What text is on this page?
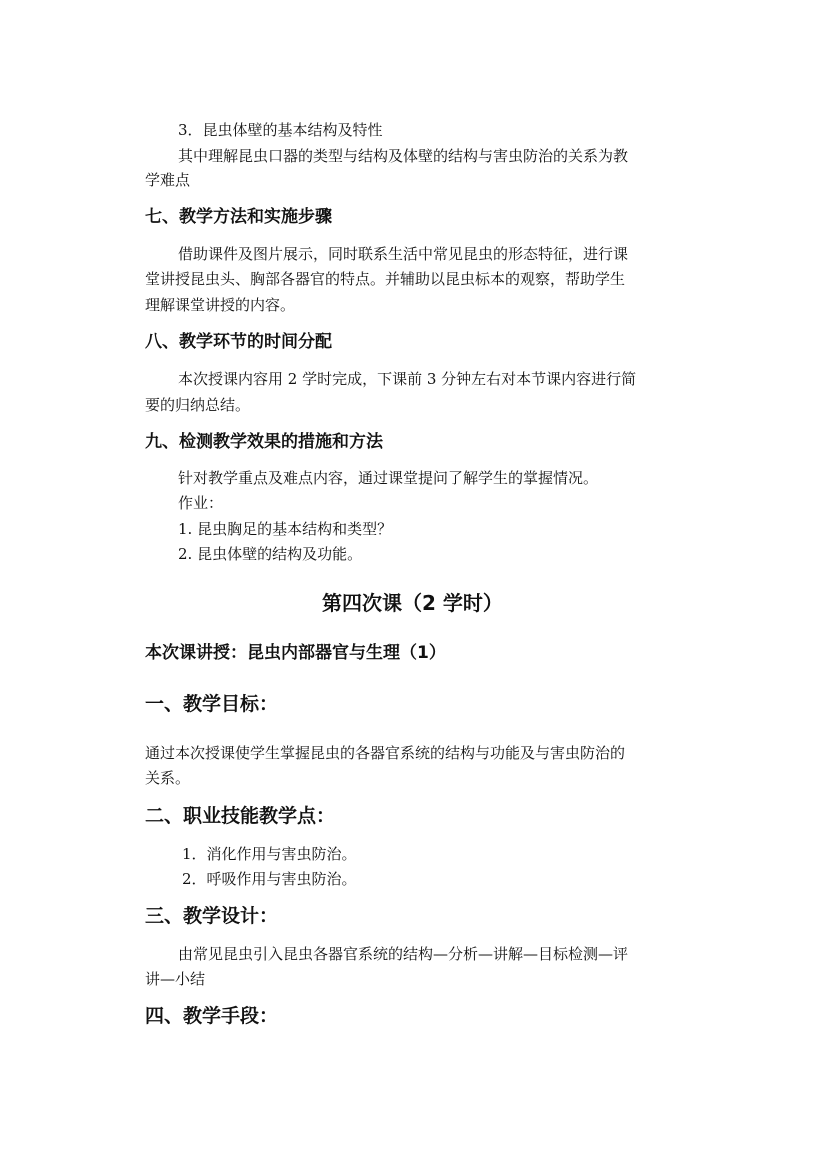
3．昆虫体壁的基本结构及特性
其中理解昆虫口器的类型与结构及体壁的结构与害虫防治的关系为教
学难点
七、教学方法和实施步骤
借助课件及图片展示，同时联系生活中常见昆虫的形态特征，进行课
堂讲授昆虫头、胸部各器官的特点。并辅助以昆虫标本的观察，帮助学生
理解课堂讲授的内容。
八、教学环节的时间分配
本次授课内容用 2 学时完成，下课前 3 分钟左右对本节课内容进行简
要的归纳总结。
九、检测教学效果的措施和方法
针对教学重点及难点内容，通过课堂提问了解学生的掌握情况。
作业：
1. 昆虫胸足的基本结构和类型？
2. 昆虫体壁的结构及功能。
第四次课（2 学时）
本次课讲授：昆虫内部器官与生理（1）
一、教学目标：
通过本次授课使学生掌握昆虫的各器官系统的结构与功能及与害虫防治的
关系。
二、职业技能教学点：
1．消化作用与害虫防治。
2．呼吸作用与害虫防治。
三、教学设计：
由常见昆虫引入昆虫各器官系统的结构—分析—讲解—目标检测—评
讲—小结
四、教学手段：
